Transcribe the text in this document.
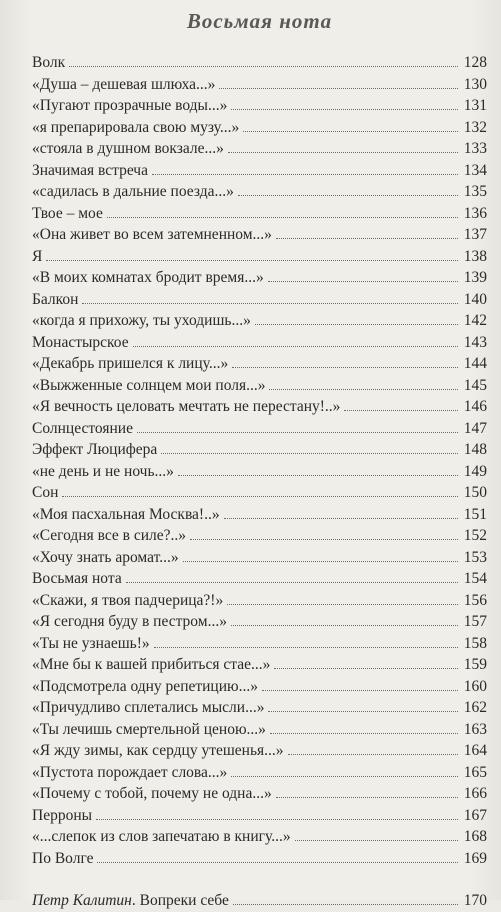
Восьмая нота
Волк	128
«Душа – дешевая шлюха...»	130
«Пугают прозрачные воды...»	131
«я препарировала свою музу...»	132
«стояла в душном вокзале...»	133
Значимая встреча	134
«садилась в дальние поезда...»	135
Твое – мое	136
«Она живет во всем затемненном...»	137
Я	138
«В моих комнатах бродит время...»	139
Балкон	140
«когда я прихожу, ты уходишь...»	142
Монастырское	143
«Декабрь пришелся к лицу...»	144
«Выжженные солнцем мои поля...»	145
«Я вечность целовать мечтать не перестану!..»	146
Солнцестояние	147
Эффект Люцифера	148
«не день и не ночь...»	149
Сон	150
«Моя пасхальная Москва!..»	151
«Сегодня все в силе?..»	152
«Хочу знать аромат...»	153
Восьмая нота	154
«Скажи, я твоя падчерица?!»	156
«Я сегодня буду в пестром...»	157
«Ты не узнаешь!»	158
«Мне бы к вашей прибиться стае...»	159
«Подсмотрела одну репетицию...»	160
«Причудливо сплетались мысли...»	162
«Ты лечишь смертельной ценою...»	163
«Я жду зимы, как сердцу утешенья...»	164
«Пустота порождает слова...»	165
«Почему с тобой, почему не одна...»	166
Перроны	167
«...слепок из слов запечатаю в книгу...»	168
По Волге	169
Петр Калитин. Вопреки себе	170
